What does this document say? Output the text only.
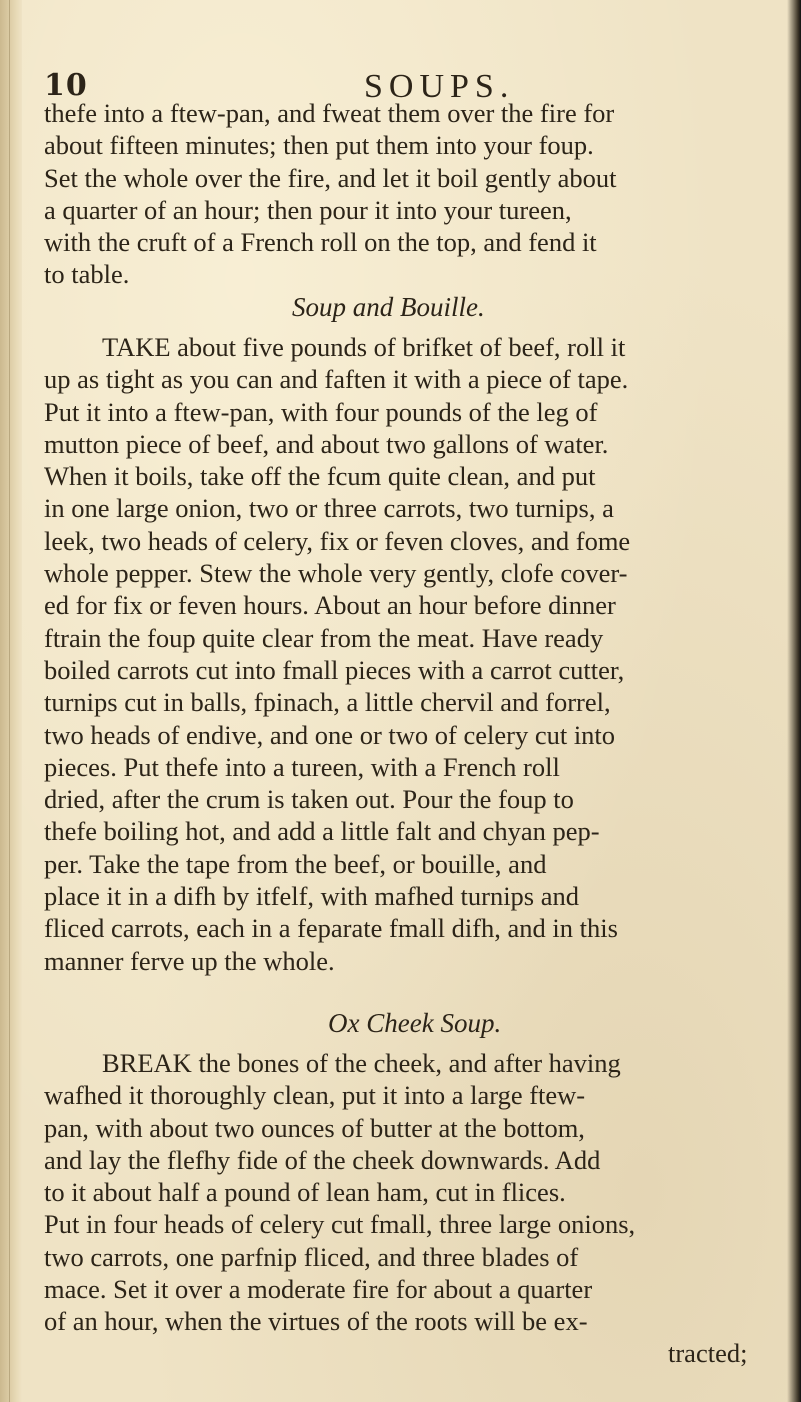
10	SOUPS.
thefe into a ftew-pan, and fweat them over the fire for
about fifteen minutes; then put them into your foup.
Set the whole over the fire, and let it boil gently about
a quarter of an hour; then pour it into your tureen,
with the cruft of a French roll on the top, and fend it
to table.
Soup and Bouille.
TAKE about five pounds of brifket of beef, roll it
up as tight as you can and faften it with a piece of tape.
Put it into a ftew-pan, with four pounds of the leg of
mutton piece of beef, and about two gallons of water.
When it boils, take off the fcum quite clean, and put
in one large onion, two or three carrots, two turnips, a
leek, two heads of celery, fix or feven cloves, and fome
whole pepper. Stew the whole very gently, clofe cover-
ed for fix or feven hours. About an hour before dinner
ftrain the foup quite clear from the meat. Have ready
boiled carrots cut into fmall pieces with a carrot cutter,
turnips cut in balls, fpinach, a little chervil and forrel,
two heads of endive, and one or two of celery cut into
pieces. Put thefe into a tureen, with a French roll
dried, after the crum is taken out. Pour the foup to
thefe boiling hot, and add a little falt and chyan pep-
per. Take the tape from the beef, or bouille, and
place it in a difh by itfelf, with mafhed turnips and
fliced carrots, each in a feparate fmall difh, and in this
manner ferve up the whole.
Ox Cheek Soup.
BREAK the bones of the cheek, and after having
wafhed it thoroughly clean, put it into a large ftew-
pan, with about two ounces of butter at the bottom,
and lay the flefhy fide of the cheek downwards. Add
to it about half a pound of lean ham, cut in flices.
Put in four heads of celery cut fmall, three large onions,
two carrots, one parfnip fliced, and three blades of
mace. Set it over a moderate fire for about a quarter
of an hour, when the virtues of the roots will be ex-
tracted;
